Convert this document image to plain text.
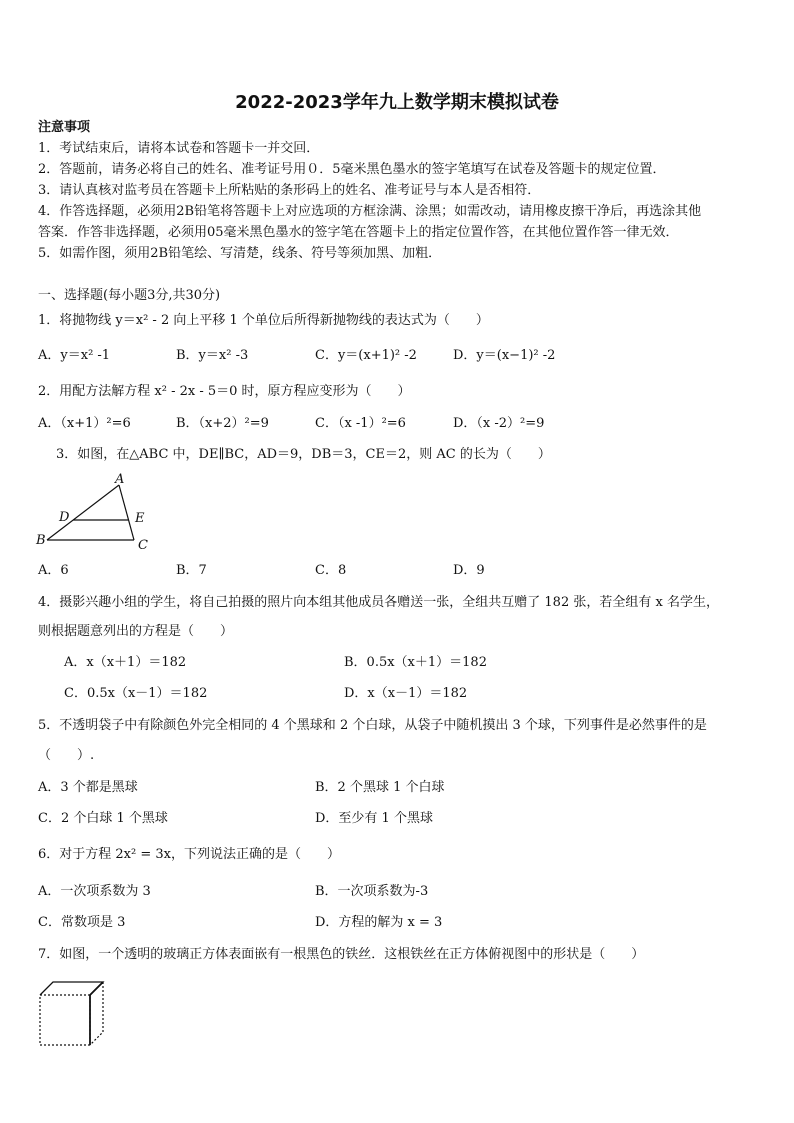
2022-2023学年九上数学期末模拟试卷
注意事项
1．考试结束后，请将本试卷和答题卡一并交回．
2．答题前，请务必将自己的姓名、准考证号用０．5毫米黑色墨水的签字笔填写在试卷及答题卡的规定位置．
3．请认真核对监考员在答题卡上所粘贴的条形码上的姓名、准考证号与本人是否相符．
4．作答选择题，必须用2B铅笔将答题卡上对应选项的方框涂满、涂黑；如需改动，请用橡皮擦干净后，再选涂其他
答案．作答非选择题，必须用05毫米黑色墨水的签字笔在答题卡上的指定位置作答，在其他位置作答一律无效．
5．如需作图，须用2B铅笔绘、写清楚，线条、符号等须加黑、加粗．
一、选择题(每小题3分,共30分)
1．将抛物线 y＝x² - 2 向上平移 1 个单位后所得新抛物线的表达式为（　　）
A．y＝x² -1	B．y＝x² -3	C．y＝(x+1)² -2	D．y＝(x−1)² -2
2．用配方法解方程 x² - 2x - 5＝0 时，原方程应变形为（　　）
A．（x+1）²=6	B．（x+2）²=9	C．（x -1）²=6	D．（x -2）²=9
3．如图，在△ABC 中，DE∥BC，AD＝9，DB＝3，CE＝2，则 AC 的长为（　　）
A
D	E
B	C
A．6	B．7	C．8	D．9
4．摄影兴趣小组的学生，将自己拍摄的照片向本组其他成员各赠送一张，全组共互赠了 182 张，若全组有 x 名学生，
则根据题意列出的方程是（　　）
A．x（x＋1）＝182	B．0.5x（x＋1）＝182
C．0.5x（x－1）＝182	D．x（x－1）＝182
5．不透明袋子中有除颜色外完全相同的 4 个黑球和 2 个白球，从袋子中随机摸出 3 个球，下列事件是必然事件的是
（　　）.
A．3 个都是黑球	B．2 个黑球 1 个白球
C．2 个白球 1 个黑球	D．至少有 1 个黑球
6．对于方程 2x² = 3x，下列说法正确的是（　　）
A．一次项系数为 3	B．一次项系数为-3
C．常数项是 3	D．方程的解为 x = 3
7．如图，一个透明的玻璃正方体表面嵌有一根黑色的铁丝．这根铁丝在正方体俯视图中的形状是（　　）
